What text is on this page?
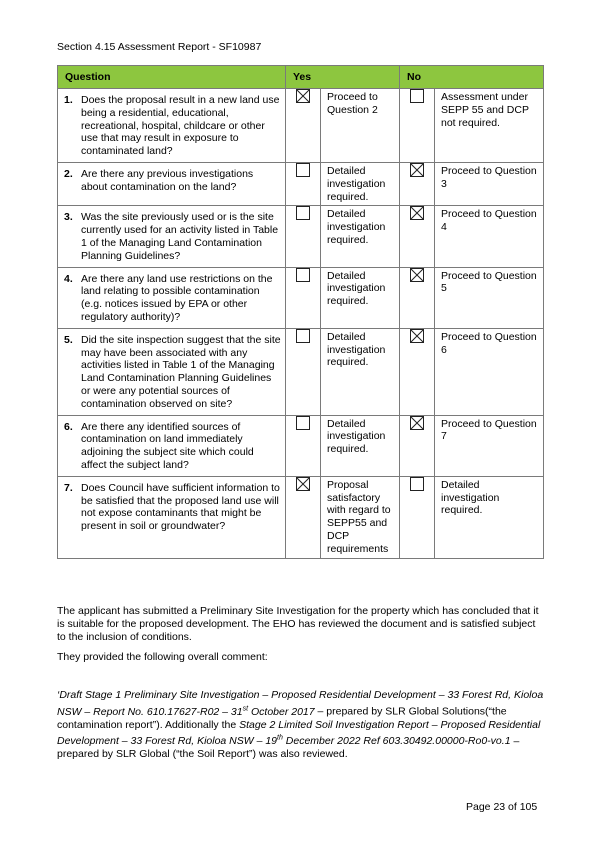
Section 4.15 Assessment Report - SF10987
Question	Yes		No	

1. Does the proposal result in a new land use being a residential, educational, recreational, hospital, childcare or other use that may result in exposure to contaminated land?		Proceed to Question 2		Assessment under SEPP 55 and DCP not required.

2. Are there any previous investigations about contamination on the land?		Detailed investigation required.		Proceed to Question 3

3. Was the site previously used or is the site currently used for an activity listed in Table 1 of the Managing Land Contamination Planning Guidelines?		Detailed investigation required.		Proceed to Question 4

4. Are there any land use restrictions on the land relating to possible contamination (e.g. notices issued by EPA or other regulatory authority)?		Detailed investigation required.		Proceed to Question 5

5. Did the site inspection suggest that the site may have been associated with any activities listed in Table 1 of the Managing Land Contamination Planning Guidelines or were any potential sources of contamination observed on site?		Detailed investigation required.		Proceed to Question 6

6. Are there any identified sources of contamination on land immediately adjoining the subject site which could affect the subject land?		Detailed investigation required.		Proceed to Question 7

7. Does Council have sufficient information to be satisfied that the proposed land use will not expose contaminants that might be present in soil or groundwater?		Proposal satisfactory with regard to SEPP55 and DCP requirements		Detailed investigation required.
The applicant has submitted a Preliminary Site Investigation for the property which has concluded that it is suitable for the proposed development. The EHO has reviewed the document and is satisfied subject to the inclusion of conditions.
They provided the following overall comment:
‘Draft Stage 1 Preliminary Site Investigation – Proposed Residential Development – 33 Forest Rd, Kioloa NSW – Report No. 610.17627-R02 – 31st October 2017 – prepared by SLR Global Solutions(“the contamination report”). Additionally the Stage 2 Limited Soil Investigation Report – Proposed Residential Development – 33 Forest Rd, Kioloa NSW – 19th December 2022 Ref 603.30492.00000-Ro0-vo.1 – prepared by SLR Global (“the Soil Report”) was also reviewed.
Page 23 of 105
